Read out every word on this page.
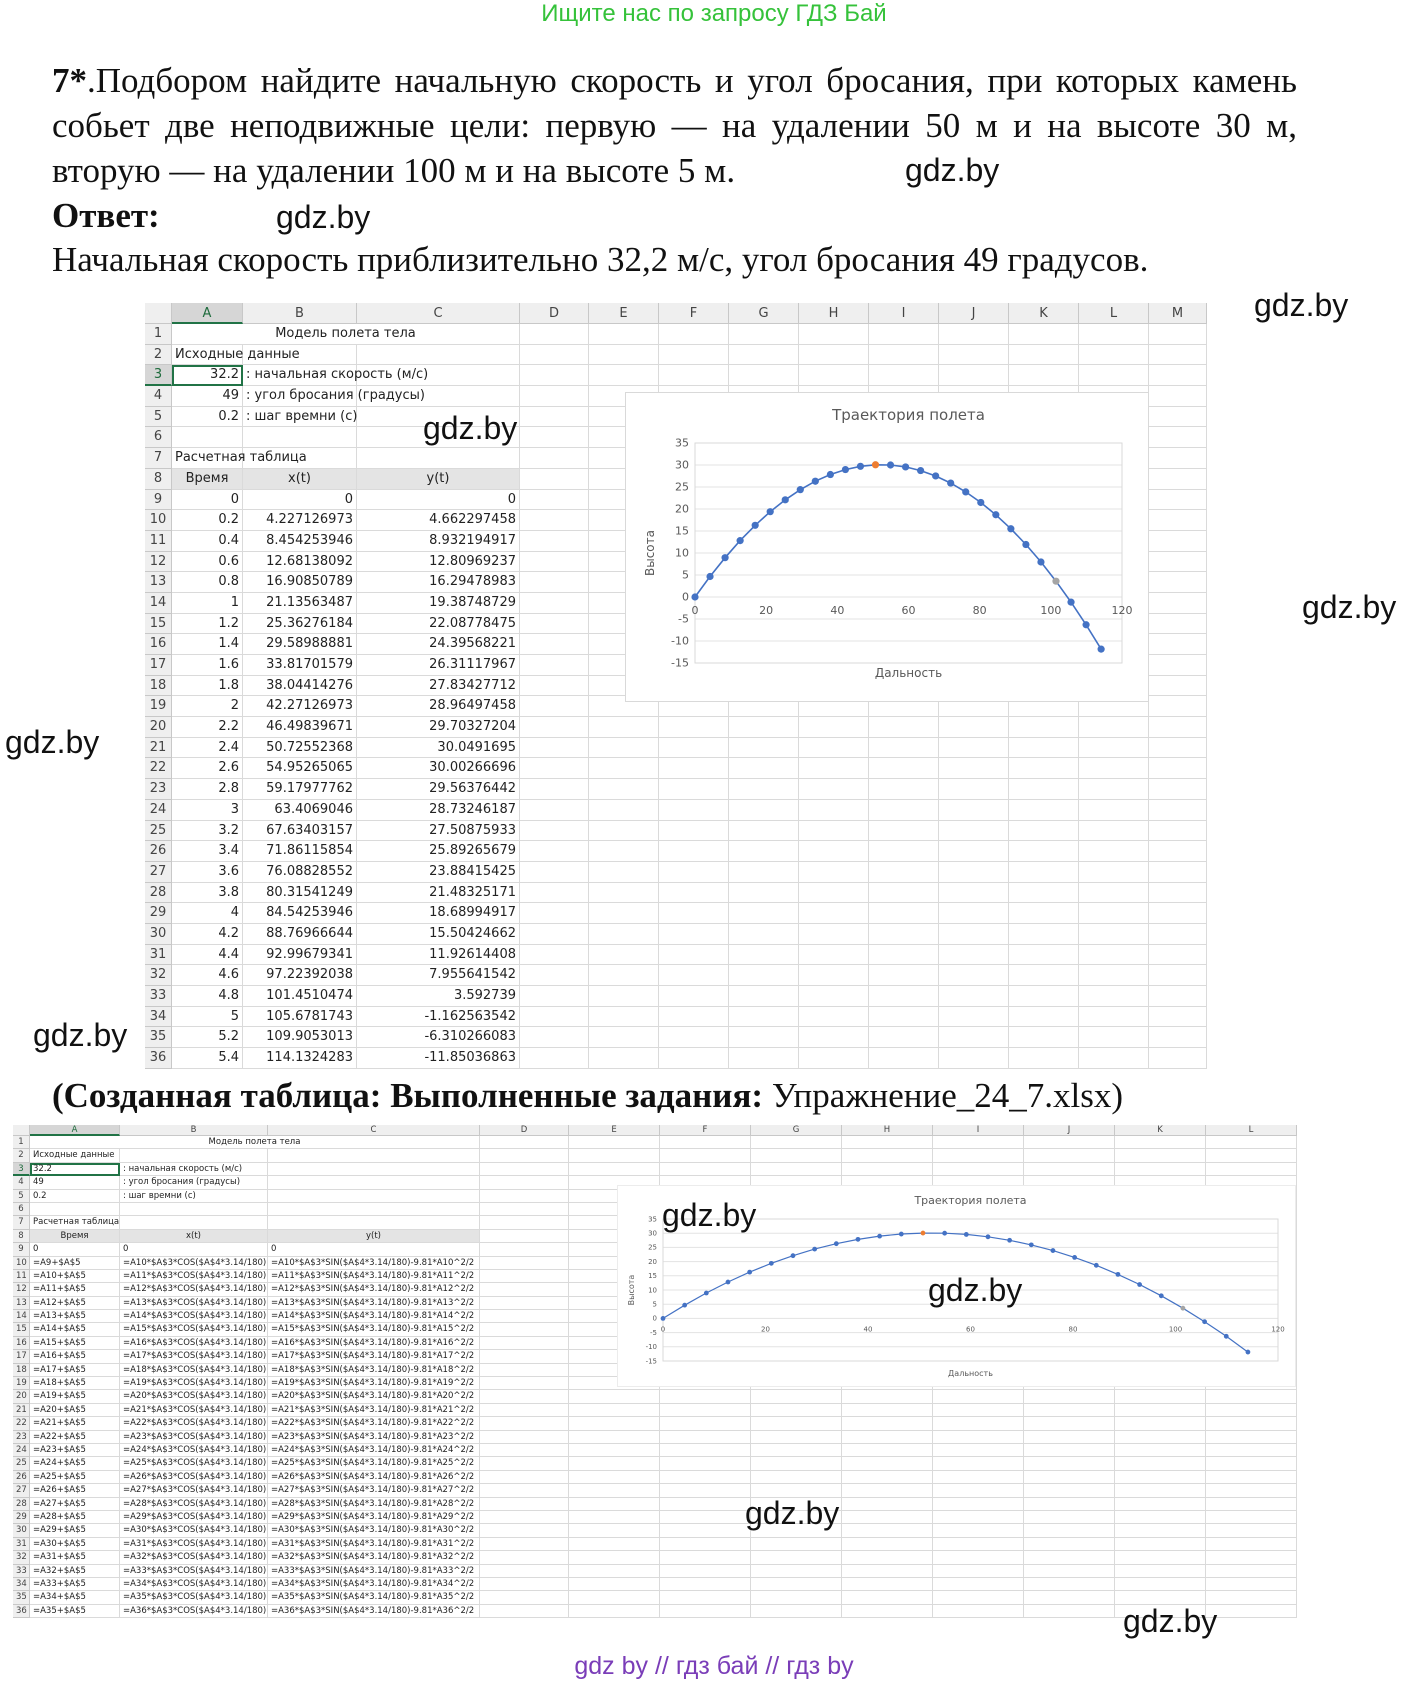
Ищите нас по запросу ГДЗ Бай
7*.Подбором найдите начальную скорость и угол бросания, при которых камень собьет две неподвижные цели: первую — на удалении 50 м и на высоте 30 м, вторую — на удалении 100 м и на высоте 5 м.
Ответ:
Начальная скорость приблизительно 32,2 м/с, угол бросания 49 градусов.
A	B	C	D	E	F	G	H	I	J	K	L	M
1	Модель полета тела
2 Исходные данные
3	32.2 : начальная скорость (м/с)
4	49 : угол бросания (градусы)
5	0.2 : шаг времни (с)
6
7 Расчетная таблица
8	Время	x(t)	y(t)
9	0	0	0
10	0.2	4.227126973	4.662297458
11	0.4	8.454253946	8.932194917
12	0.6	12.68138092	12.80969237
13	0.8	16.90850789	16.29478983
14	1	21.13563487	19.38748729
15	1.2	25.36276184	22.08778475
16	1.4	29.58988881	24.39568221
17	1.6	33.81701579	26.31117967
18	1.8	38.04414276	27.83427712
19	2	42.27126973	28.96497458
20	2.2	46.49839671	29.70327204
21	2.4	50.72552368	30.0491695
22	2.6	54.95265065	30.00266696
23	2.8	59.17977762	29.56376442
24	3	63.4069046	28.73246187
25	3.2	67.63403157	27.50875933
26	3.4	71.86115854	25.89265679
27	3.6	76.08828552	23.88415425
28	3.8	80.31541249	21.48325171
29	4	84.54253946	18.68994917
30	4.2	88.76966644	15.50424662
31	4.4	92.99679341	11.92614408
32	4.6	97.22392038	7.955641542
33	4.8	101.4510474	3.592739
34	5	105.6781743	-1.162563542
35	5.2	109.9053013	-6.310266083
36	5.4	114.1324283	-11.85036863
35
30
25
20
15
10
5
0
-5
-10
-15
0	20	40	60	80	100	120
Траектория полета
Дальность
Высота
(Созданная таблица: Выполненные задания: Упражнение_24_7.xlsx)
A	B	C	D	E	F	G	H	I	J	K	L
1	Модель полета тела
2	Исходные данные
3	32.2	: начальная скорость (м/с)
4	49	: угол бросания (градусы)
5	0.2	: шаг времни (с)
6
7	Расчетная таблица
8	Время	x(t)	y(t)
9	0	0	0
10 =A9+$A$5	=A10*$A$3*COS($A$4*3.14/180) =A10*$A$3*SIN($A$4*3.14/180)-9.81*A10^2/2
11 =A10+$A$5	=A11*$A$3*COS($A$4*3.14/180) =A11*$A$3*SIN($A$4*3.14/180)-9.81*A11^2/2
12 =A11+$A$5	=A12*$A$3*COS($A$4*3.14/180) =A12*$A$3*SIN($A$4*3.14/180)-9.81*A12^2/2
13 =A12+$A$5	=A13*$A$3*COS($A$4*3.14/180) =A13*$A$3*SIN($A$4*3.14/180)-9.81*A13^2/2
14 =A13+$A$5	=A14*$A$3*COS($A$4*3.14/180) =A14*$A$3*SIN($A$4*3.14/180)-9.81*A14^2/2
15 =A14+$A$5	=A15*$A$3*COS($A$4*3.14/180) =A15*$A$3*SIN($A$4*3.14/180)-9.81*A15^2/2
16 =A15+$A$5	=A16*$A$3*COS($A$4*3.14/180) =A16*$A$3*SIN($A$4*3.14/180)-9.81*A16^2/2
17 =A16+$A$5	=A17*$A$3*COS($A$4*3.14/180) =A17*$A$3*SIN($A$4*3.14/180)-9.81*A17^2/2
18 =A17+$A$5	=A18*$A$3*COS($A$4*3.14/180) =A18*$A$3*SIN($A$4*3.14/180)-9.81*A18^2/2
19 =A18+$A$5	=A19*$A$3*COS($A$4*3.14/180) =A19*$A$3*SIN($A$4*3.14/180)-9.81*A19^2/2
20 =A19+$A$5	=A20*$A$3*COS($A$4*3.14/180) =A20*$A$3*SIN($A$4*3.14/180)-9.81*A20^2/2
21 =A20+$A$5	=A21*$A$3*COS($A$4*3.14/180) =A21*$A$3*SIN($A$4*3.14/180)-9.81*A21^2/2
22 =A21+$A$5	=A22*$A$3*COS($A$4*3.14/180) =A22*$A$3*SIN($A$4*3.14/180)-9.81*A22^2/2
23 =A22+$A$5	=A23*$A$3*COS($A$4*3.14/180) =A23*$A$3*SIN($A$4*3.14/180)-9.81*A23^2/2
24 =A23+$A$5	=A24*$A$3*COS($A$4*3.14/180) =A24*$A$3*SIN($A$4*3.14/180)-9.81*A24^2/2
25 =A24+$A$5	=A25*$A$3*COS($A$4*3.14/180) =A25*$A$3*SIN($A$4*3.14/180)-9.81*A25^2/2
26 =A25+$A$5	=A26*$A$3*COS($A$4*3.14/180) =A26*$A$3*SIN($A$4*3.14/180)-9.81*A26^2/2
27 =A26+$A$5	=A27*$A$3*COS($A$4*3.14/180) =A27*$A$3*SIN($A$4*3.14/180)-9.81*A27^2/2
28 =A27+$A$5	=A28*$A$3*COS($A$4*3.14/180) =A28*$A$3*SIN($A$4*3.14/180)-9.81*A28^2/2
29 =A28+$A$5	=A29*$A$3*COS($A$4*3.14/180) =A29*$A$3*SIN($A$4*3.14/180)-9.81*A29^2/2
30 =A29+$A$5	=A30*$A$3*COS($A$4*3.14/180) =A30*$A$3*SIN($A$4*3.14/180)-9.81*A30^2/2
31 =A30+$A$5	=A31*$A$3*COS($A$4*3.14/180) =A31*$A$3*SIN($A$4*3.14/180)-9.81*A31^2/2
32 =A31+$A$5	=A32*$A$3*COS($A$4*3.14/180) =A32*$A$3*SIN($A$4*3.14/180)-9.81*A32^2/2
33 =A32+$A$5	=A33*$A$3*COS($A$4*3.14/180) =A33*$A$3*SIN($A$4*3.14/180)-9.81*A33^2/2
34 =A33+$A$5	=A34*$A$3*COS($A$4*3.14/180) =A34*$A$3*SIN($A$4*3.14/180)-9.81*A34^2/2
35 =A34+$A$5	=A35*$A$3*COS($A$4*3.14/180) =A35*$A$3*SIN($A$4*3.14/180)-9.81*A35^2/2
36 =A35+$A$5	=A36*$A$3*COS($A$4*3.14/180) =A36*$A$3*SIN($A$4*3.14/180)-9.81*A36^2/2
35
30
25
20
15
10
5
0
-5
-10
-15
0	20	40	60	80	100	120
Траектория полета
Дальность
Высота
gdz.by
gdz.by
gdz.by
gdz.by
gdz.by
gdz.by
gdz.by
gdz.by
gdz.by
gdz.by
gdz.by
gdz by // гдз бай // гдз by
